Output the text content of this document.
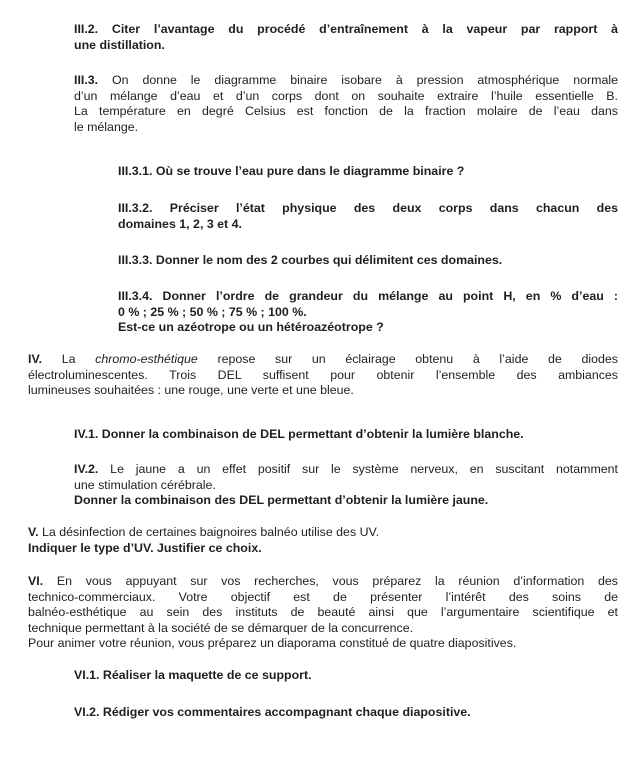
III.2. Citer l’avantage du procédé d’entraînement à la vapeur par rapport à
une distillation.
III.3. On donne le diagramme binaire isobare à pression atmosphérique normale
d’un mélange d’eau et d’un corps dont on souhaite extraire l’huile essentielle B.
La température en degré Celsius est fonction de la fraction molaire de l’eau dans
le mélange.
III.3.1. Où se trouve l’eau pure dans le diagramme binaire ?
III.3.2. Préciser l’état physique des deux corps dans chacun des
domaines 1, 2, 3 et 4.
III.3.3. Donner le nom des 2 courbes qui délimitent ces domaines.
III.3.4. Donner l’ordre de grandeur du mélange au point H, en % d’eau :
0 % ; 25 % ; 50 % ; 75 % ; 100 %.
Est-ce un azéotrope ou un hétéroazéotrope ?
IV. La chromo-esthétique repose sur un éclairage obtenu à l’aide de diodes
électroluminescentes. Trois DEL suffisent pour obtenir l’ensemble des ambiances
lumineuses souhaitées : une rouge, une verte et une bleue.
IV.1. Donner la combinaison de DEL permettant d’obtenir la lumière blanche.
IV.2. Le jaune a un effet positif sur le système nerveux, en suscitant notamment
une stimulation cérébrale.
Donner la combinaison des DEL permettant d’obtenir la lumière jaune.
V. La désinfection de certaines baignoires balnéo utilise des UV.
Indiquer le type d’UV. Justifier ce choix.
VI. En vous appuyant sur vos recherches, vous préparez la réunion d’information des
technico-commerciaux. Votre objectif est de présenter l’intérêt des soins de
balnéo-esthétique au sein des instituts de beauté ainsi que l’argumentaire scientifique et
technique permettant à la société de se démarquer de la concurrence.
Pour animer votre réunion, vous préparez un diaporama constitué de quatre diapositives.
VI.1. Réaliser la maquette de ce support.
VI.2. Rédiger vos commentaires accompagnant chaque diapositive.
